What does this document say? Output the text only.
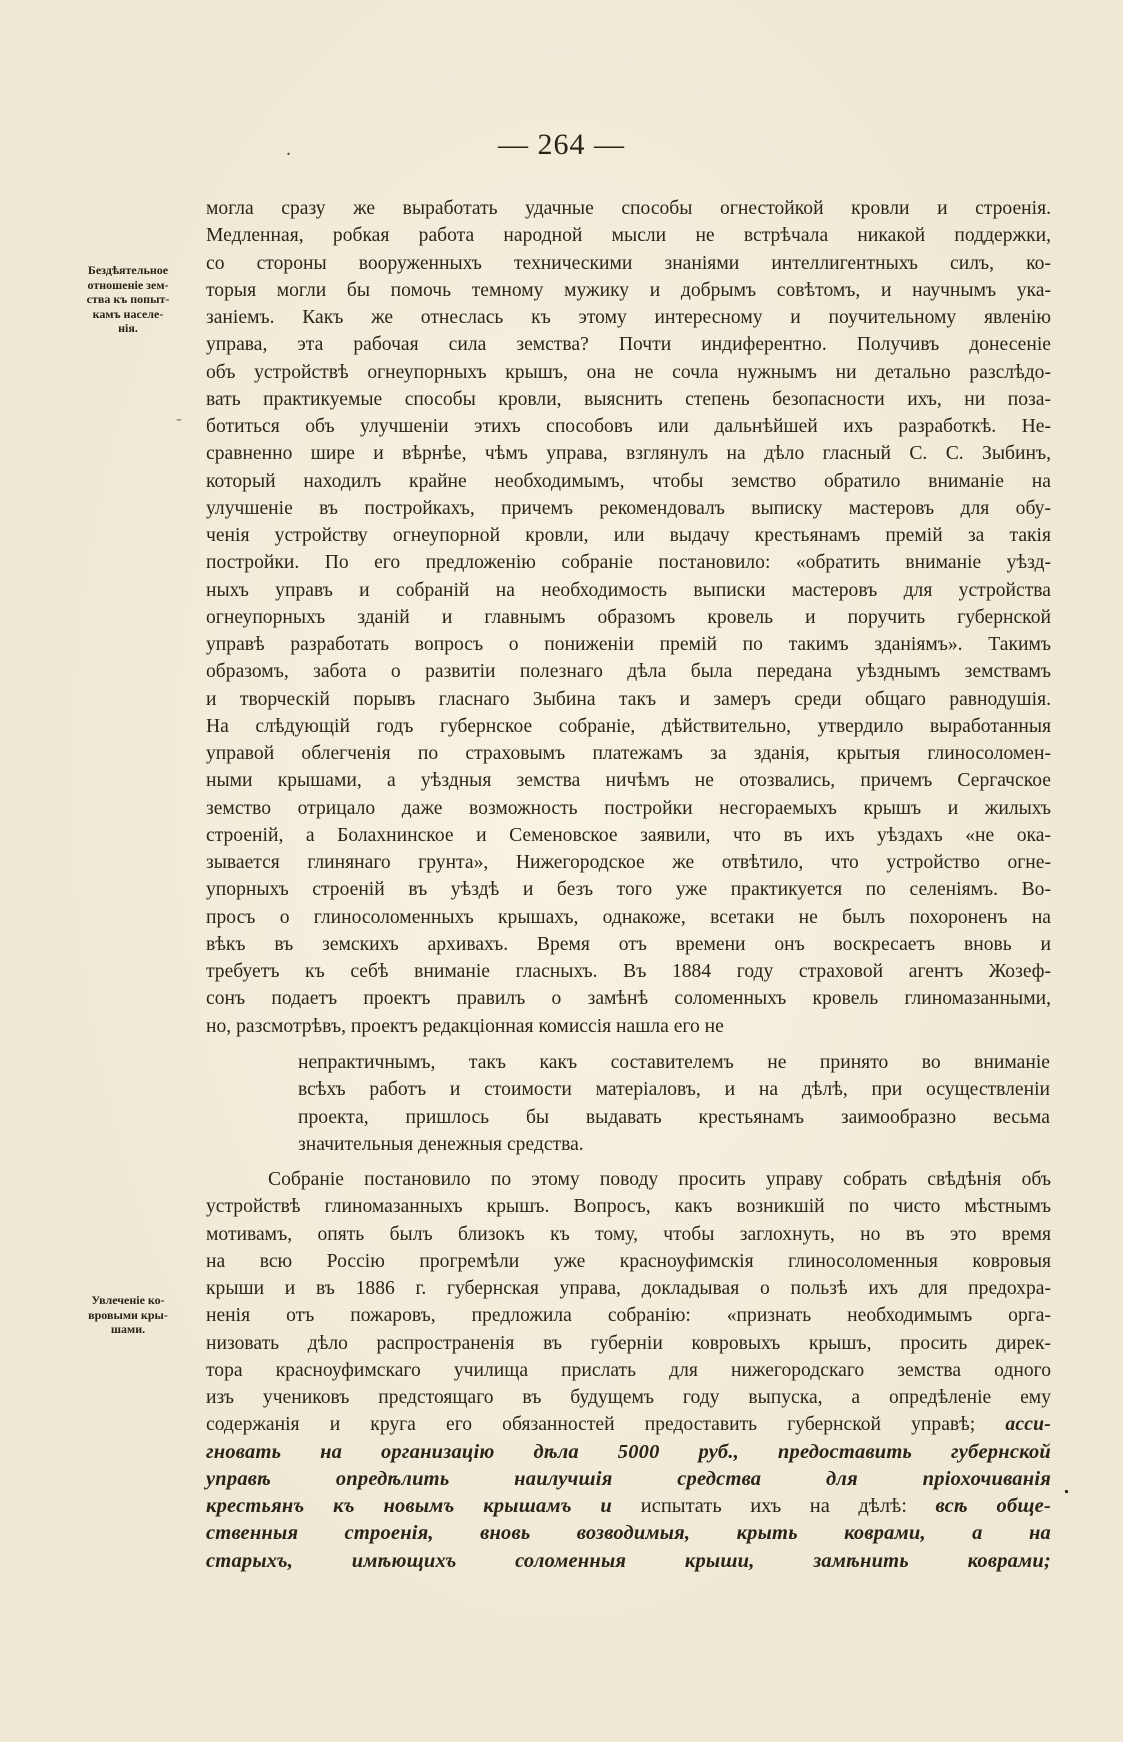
— 264 —
.
-
.
Бездѣятельное
отношеніе зем-
ства къ попыт-
камъ населе-
нія.
Увлеченіе ко-
вровыми кры-
шами.
могла сразу же выработать удачные способы огнестойкой кровли и строенія.
Медленная, робкая работа народной мысли не встрѣчала никакой поддержки,
со стороны вооруженныхъ техническими знаніями интеллигентныхъ силъ, ко-
торыя могли бы помочь темному мужику и добрымъ совѣтомъ, и научнымъ ука-
заніемъ. Какъ же отнеслась къ этому интересному и поучительному явленію
управа, эта рабочая сила земства? Почти индиферентно. Получивъ донесеніе
объ устройствѣ огнеупорныхъ крышъ, она не сочла нужнымъ ни детально разслѣдо-
вать практикуемые способы кровли, выяснить степень безопасности ихъ, ни поза-
ботиться объ улучшеніи этихъ способовъ или дальнѣйшей ихъ разработкѣ. Не-
сравненно шире и вѣрнѣе, чѣмъ управа, взглянулъ на дѣло гласный С. С. Зыбинъ,
который находилъ крайне необходимымъ, чтобы земство обратило вниманіе на
улучшеніе въ постройкахъ, причемъ рекомендовалъ выписку мастеровъ для обу-
ченія устройству огнеупорной кровли, или выдачу крестьянамъ премій за такія
постройки. По его предложенію собраніе постановило: «обратить вниманіе уѣзд-
ныхъ управъ и собраній на необходимость выписки мастеровъ для устройства
огнеупорныхъ зданій и главнымъ образомъ кровель и поручить губернской
управѣ разработать вопросъ о пониженіи премій по такимъ зданіямъ». Такимъ
образомъ, забота о развитіи полезнаго дѣла была передана уѣзднымъ земствамъ
и творческій порывъ гласнаго Зыбина такъ и замеръ среди общаго равнодушія.
На слѣдующій годъ губернское собраніе, дѣйствительно, утвердило выработанныя
управой облегченія по страховымъ платежамъ за зданія, крытыя глиносоломен-
ными крышами, а уѣздныя земства ничѣмъ не отозвались, причемъ Сергачское
земство отрицало даже возможность постройки несгораемыхъ крышъ и жилыхъ
строеній, а Болахнинское и Семеновское заявили, что въ ихъ уѣздахъ «не ока-
зывается глинянаго грунта», Нижегородское же отвѣтило, что устройство огне-
упорныхъ строеній въ уѣздѣ и безъ того уже практикуется по селеніямъ. Во-
просъ о глиносоломенныхъ крышахъ, однакоже, всетаки не былъ похороненъ на
вѣкъ въ земскихъ архивахъ. Время отъ времени онъ воскресаетъ вновь и
требуетъ къ себѣ вниманіе гласныхъ. Въ 1884 году страховой агентъ Жозеф-
сонъ подаетъ проектъ правилъ о замѣнѣ соломенныхъ кровель глиномазанными,
но, разсмотрѣвъ, проектъ редакціонная комиссія нашла его не
непрактичнымъ, такъ какъ составителемъ не принято во вниманіе
всѣхъ работъ и стоимости матеріаловъ, и на дѣлѣ, при осуществленіи
проекта, пришлось бы выдавать крестьянамъ заимообразно весьма
значительныя денежныя средства.
Собраніе постановило по этому поводу просить управу собрать свѣдѣнія объ
устройствѣ глиномазанныхъ крышъ. Вопросъ, какъ возникшій по чисто мѣстнымъ
мотивамъ, опять былъ близокъ къ тому, чтобы заглохнуть, но въ это время
на всю Россію прогремѣли уже красноуфимскія глиносоломенныя ковровыя
крыши и въ 1886 г. губернская управа, докладывая о пользѣ ихъ для предохра-
ненія отъ пожаровъ, предложила собранію: «признать необходимымъ орга-
низовать дѣло распространенія въ губерніи ковровыхъ крышъ, просить дирек-
тора красноуфимскаго училища прислать для нижегородскаго земства одного
изъ учениковъ предстоящаго въ будущемъ году выпуска, а опредѣленіе ему
содержанія и круга его обязанностей предоставить губернской управѣ; асси-
гновать на организацію дѣла 5000 руб., предоставить губернской
управѣ опредѣлить наилучшія средства для пріохочиванія
крестьянъ къ новымъ крышамъ и испытать ихъ на дѣлѣ: всѣ обще-
ственныя строенія, вновь возводимыя, крыть коврами, а на
старыхъ, имѣющихъ соломенныя крыши, замѣнить коврами;
